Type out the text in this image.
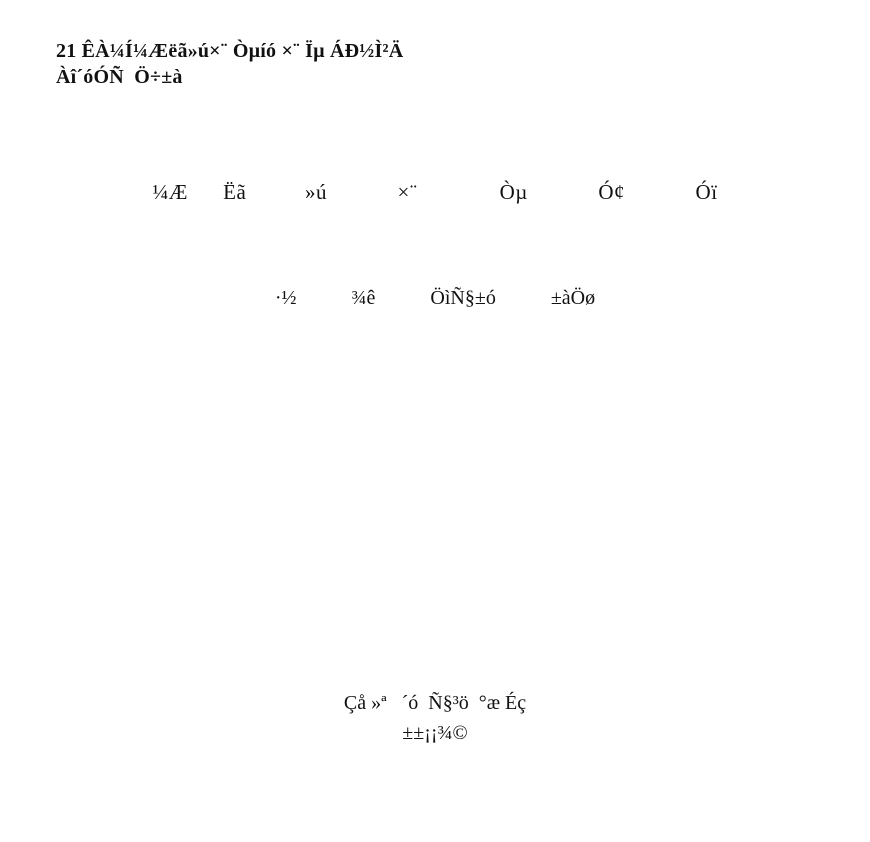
21 ÊÀ¼Í¼Æëã»ú×¨ Òµíó ×¨ Ïµ ÁÐ½Ì²Ä
Àî´óÓÑ  Ö÷±à
¼Æ   Ëã     »ú      ×¨       Òµ      Ó¢      Óï
·½     ¾ê     ÖìÑ§±ó     ±àÖø
Çå »ª   ´ó  Ñ§³ö  °æ Éç
±±¡¡¾©
